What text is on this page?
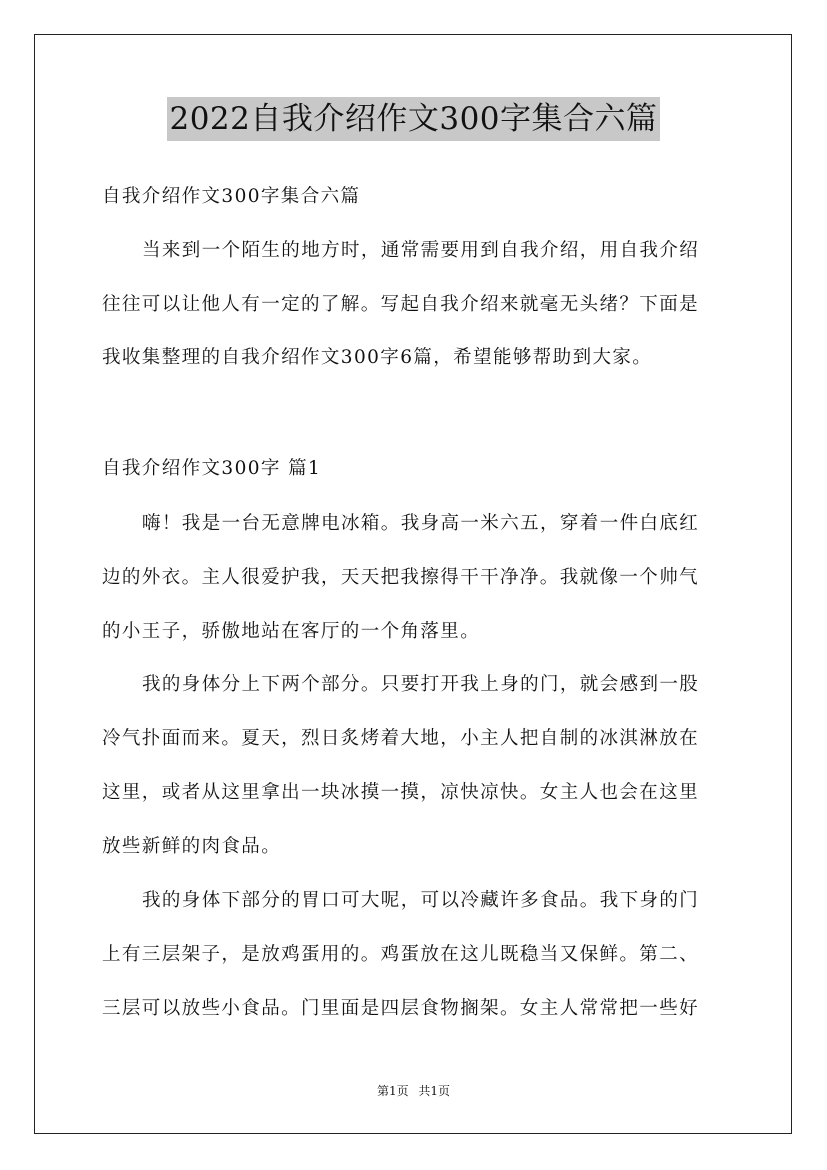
2022自我介绍作文300字集合六篇
自我介绍作文300字集合六篇
当来到一个陌生的地方时，通常需要用到自我介绍，用自我介绍
往往可以让他人有一定的了解。写起自我介绍来就毫无头绪？下面是
我收集整理的自我介绍作文300字6篇，希望能够帮助到大家。
自我介绍作文300字 篇1
嗨！我是一台无意牌电冰箱。我身高一米六五，穿着一件白底红
边的外衣。主人很爱护我，天天把我擦得干干净净。我就像一个帅气
的小王子，骄傲地站在客厅的一个角落里。
我的身体分上下两个部分。只要打开我上身的门，就会感到一股
冷气扑面而来。夏天，烈日炙烤着大地，小主人把自制的冰淇淋放在
这里，或者从这里拿出一块冰摸一摸，凉快凉快。女主人也会在这里
放些新鲜的肉食品。
我的身体下部分的胃口可大呢，可以冷藏许多食品。我下身的门
上有三层架子，是放鸡蛋用的。鸡蛋放在这儿既稳当又保鲜。第二、
三层可以放些小食品。门里面是四层食物搁架。女主人常常把一些好
第1页 共1页
